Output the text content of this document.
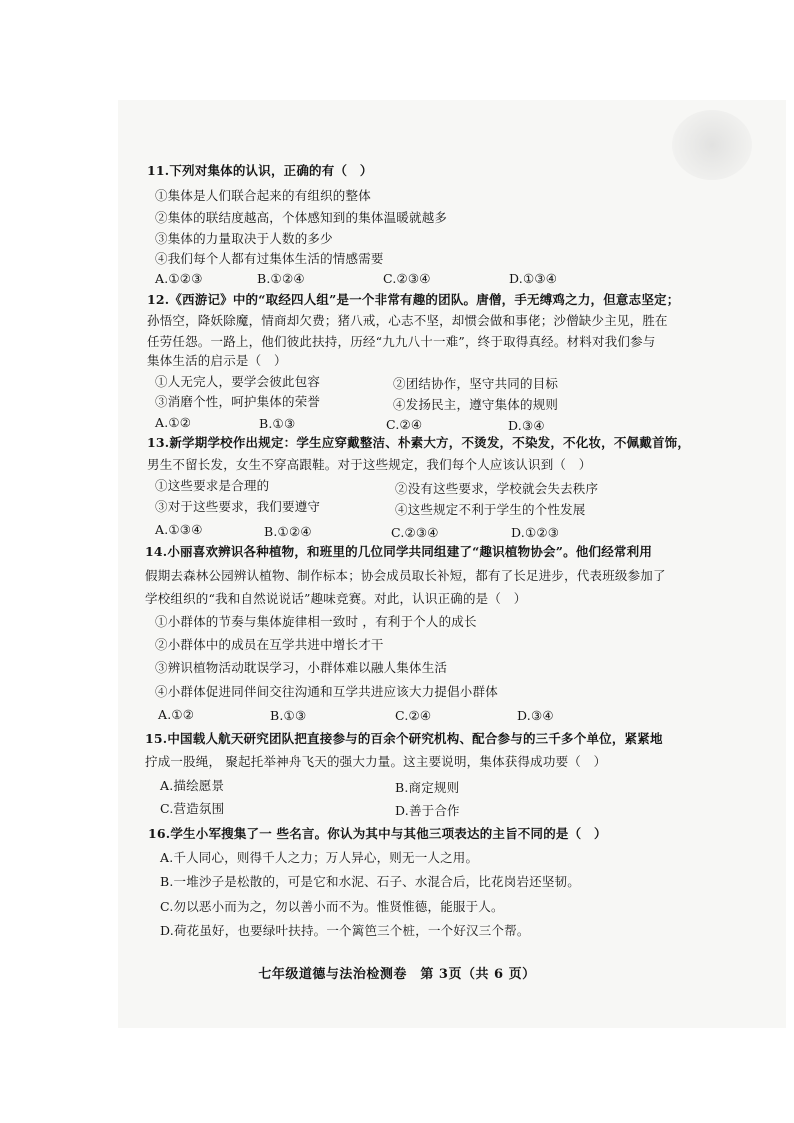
11.下列对集体的认识，正确的有（　）
①集体是人们联合起来的有组织的整体
②集体的联结度越高，个体感知到的集体温暖就越多
③集体的力量取决于人数的多少
④我们每个人都有过集体生活的情感需要
A.①②③	B.①②④	C.②③④	D.①③④
12.《西游记》中的“取经四人组”是一个非常有趣的团队。唐僧，手无缚鸡之力，但意志坚定；
孙悟空，降妖除魔，情商却欠费；猪八戒，心志不坚，却惯会做和事佬；沙僧缺少主见，胜在
任劳任怨。一路上，他们彼此扶持，历经“九九八十一难”，终于取得真经。材料对我们参与
集体生活的启示是（　）
①人无完人，要学会彼此包容	②团结协作，坚守共同的目标
③消磨个性，呵护集体的荣誉	④发扬民主，遵守集体的规则
A.①②	B.①③	C.②④	D.③④
13.新学期学校作出规定：学生应穿戴整洁、朴素大方，不烫发，不染发，不化妆，不佩戴首饰，
男生不留长发，女生不穿高跟鞋。对于这些规定，我们每个人应该认识到（　）
①这些要求是合理的	②没有这些要求，学校就会失去秩序
③对于这些要求，我们要遵守	④这些规定不利于学生的个性发展
A.①③④	B.①②④	C.②③④	D.①②③
14.小丽喜欢辨识各种植物，和班里的几位同学共同组建了“趣识植物协会”。他们经常利用
假期去森林公园辨认植物、制作标本；协会成员取长补短，都有了长足进步，代表班级参加了
学校组织的“我和自然说说话”趣味竞赛。对此，认识正确的是（　）
①小群体的节奏与集体旋律相一致时 ，有利于个人的成长
②小群体中的成员在互学共进中增长才干
③辨识植物活动耽误学习，小群体难以融人集体生活
④小群体促进同伴间交往沟通和互学共进应该大力提倡小群体
A.①②	B.①③	C.②④	D.③④
15.中国载人航天研究团队把直接参与的百余个研究机构、配合参与的三千多个单位，紧紧地
拧成一股绳， 聚起托举神舟飞天的强大力量。这主要说明，集体获得成功要（　）
A.描绘愿景	B.商定规则
C.营造氛围	D.善于合作
16.学生小军搜集了一 些名言。你认为其中与其他三项表达的主旨不同的是（　）
A.千人同心，则得千人之力；万人异心，则无一人之用。
B.一堆沙子是松散的，可是它和水泥、石子、水混合后，比花岗岩还坚韧。
C.勿以恶小而为之，勿以善小而不为。惟贤惟德，能服于人。
D.荷花虽好，也要绿叶扶持。一个篱笆三个桩，一个好汉三个帮。
七年级道德与法治检测卷　第 3页（共 6 页）
